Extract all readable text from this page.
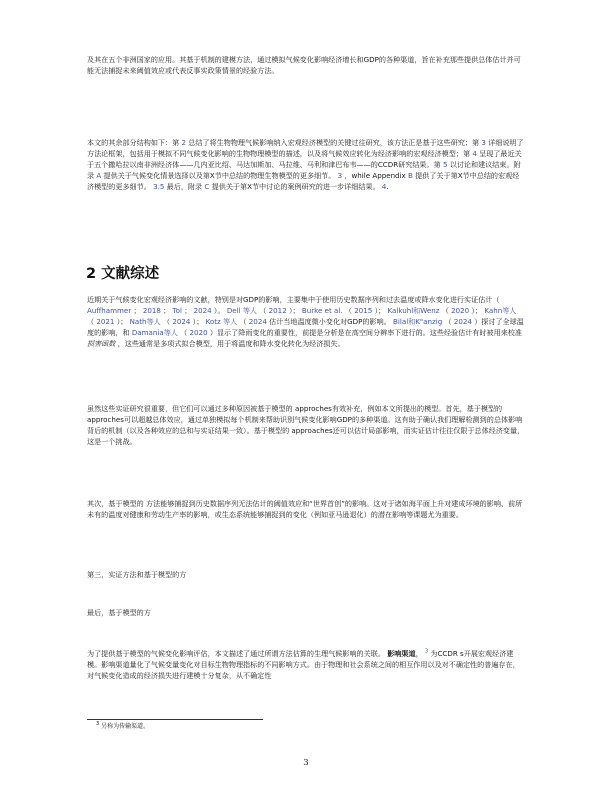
及其在五个非洲国家的应用。其基于机制的建模方法，通过模拟气候变化影响经济增长和GDP的各种渠道，旨在补充那些提供总体估计并可能无法捕捉未来阈值效应或代表反事实政策情景的经验方法。
本文的其余部分结构如下：第 2 总结了将生物物理气候影响纳入宏观经济模型的关键过往研究，该方法正是基于这些研究；第 3 详细说明了方法论框架，包括用于模拟不同气候变化影响的生物物理模型的描述，以及将气候效应转化为经济影响的宏观经济模型；第 4 呈现了最近关于五个撒哈拉以南非洲经济体——几内亚比绍、马达加斯加、马拉维、马利和津巴布韦——的CCDR研究结果。第 5 以讨论和建议结束。附录 A 提供关于气候变化情景选择以及第X节中总结的物理生物模型的更多细节。 3 ，while Appendix B 提供了关于第X节中总结的宏观经济模型的更多细节。 3.5 最后，附录 C 提供关于第X节中讨论的案例研究的进一步详细结果。 4.
2 文献综述
近期关于气候变化宏观经济影响的文献，特别是对GDP的影响，主要集中于使用历史数据序列和过去温度或降水变化进行实证估计（ Auffhammer ； 2018 ； Tol ； 2024 ）。 Dell 等人 （ 2012 ）； Burke et al. （ 2015 ）； Kalkuhl和Wenz （ 2020 ）； Kahn等人 （ 2021 ）； Nath等人 （ 2024 ）； Kotz 等人 （ 2024 估计当地温度微小变化对GDP的影响。 Bilal和K"anzig （ 2024 ）探讨了全球温度的影响，和 Damania等人 （ 2020 ）显示了降雨变化的重要性，前提是分析是在高空间分辨率下进行的。这些经验估计有时被用来校准 损害函数 ，这些通常是多项式拟合模型，用于将温度和降水变化转化为经济损失。
虽然这些实证研究很重要，但它们可以通过多种原因被基于模型的 approches有效补充，例如本文所提出的模型。首先，基于模型的 approches可以超越总体效应，通过单独模拟每个机制来帮助识别气候变化影响GDP的多种渠道。这有助于确认我们理解检测到的总体影响背后的机制（以及各种效应的总和与实证结果一致）。基于模型的 approaches还可以估计局部影响，而实证估计往往仅限于总体经济变量，这是一个挑战。
其次，基于模型的 方法能够捕捉到历史数据序列无法估计的阈值效应和“世界首创”的影响。这对于诸如海平面上升对建成环境的影响、前所未有的温度对健康和劳动生产率的影响，或生态系统能够捕捉到的变化（例如亚马逊退化）的潜在影响等课题尤为重要。
第三，实证方法和基于模型的方
最后，基于模型的方
为了提供基于模型的气候变化影响评估，本文描述了通过所谓方法估算的生理气候影响的关联。 影响渠道， $^3$ 为CCDR s开展宏观经济建模。影响渠道量化了气候变量变化对目标生物物理指标的不同影响方式。由于物理和社会系统之间的相互作用以及对不确定性的普遍存在，对气候变化造成的经济损失进行建模十分复杂，从不确定性
$^3$ 另称为传输渠道。
3
